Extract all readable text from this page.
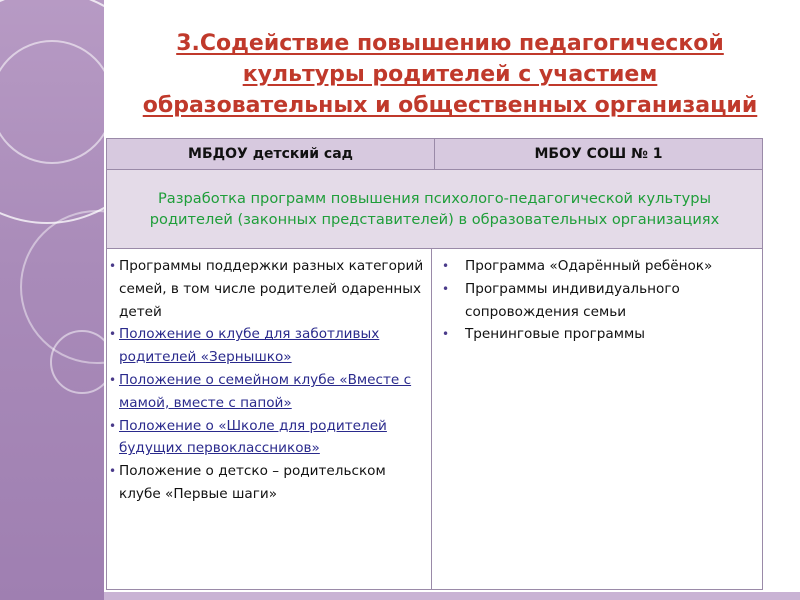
3.Содействие повышению педагогической культуры родителей с участием образовательных и общественных организаций
МБДОУ детский сад	МБОУ СОШ № 1
Разработка программ повышения психолого-педагогической культуры родителей (законных представителей) в образовательных организациях
• Программы поддержки разных категорий семей, в том числе родителей одаренных детей
• Положение о клубе для заботливых родителей «Зернышко»
• Положение о семейном клубе «Вместе с мамой, вместе с папой»
• Положение о «Школе для родителей будущих первоклассников»
• Положение о детско – родительском клубе «Первые шаги»
• Программа «Одарённый ребёнок»
• Программы индивидуального сопровождения семьи
• Тренинговые программы
